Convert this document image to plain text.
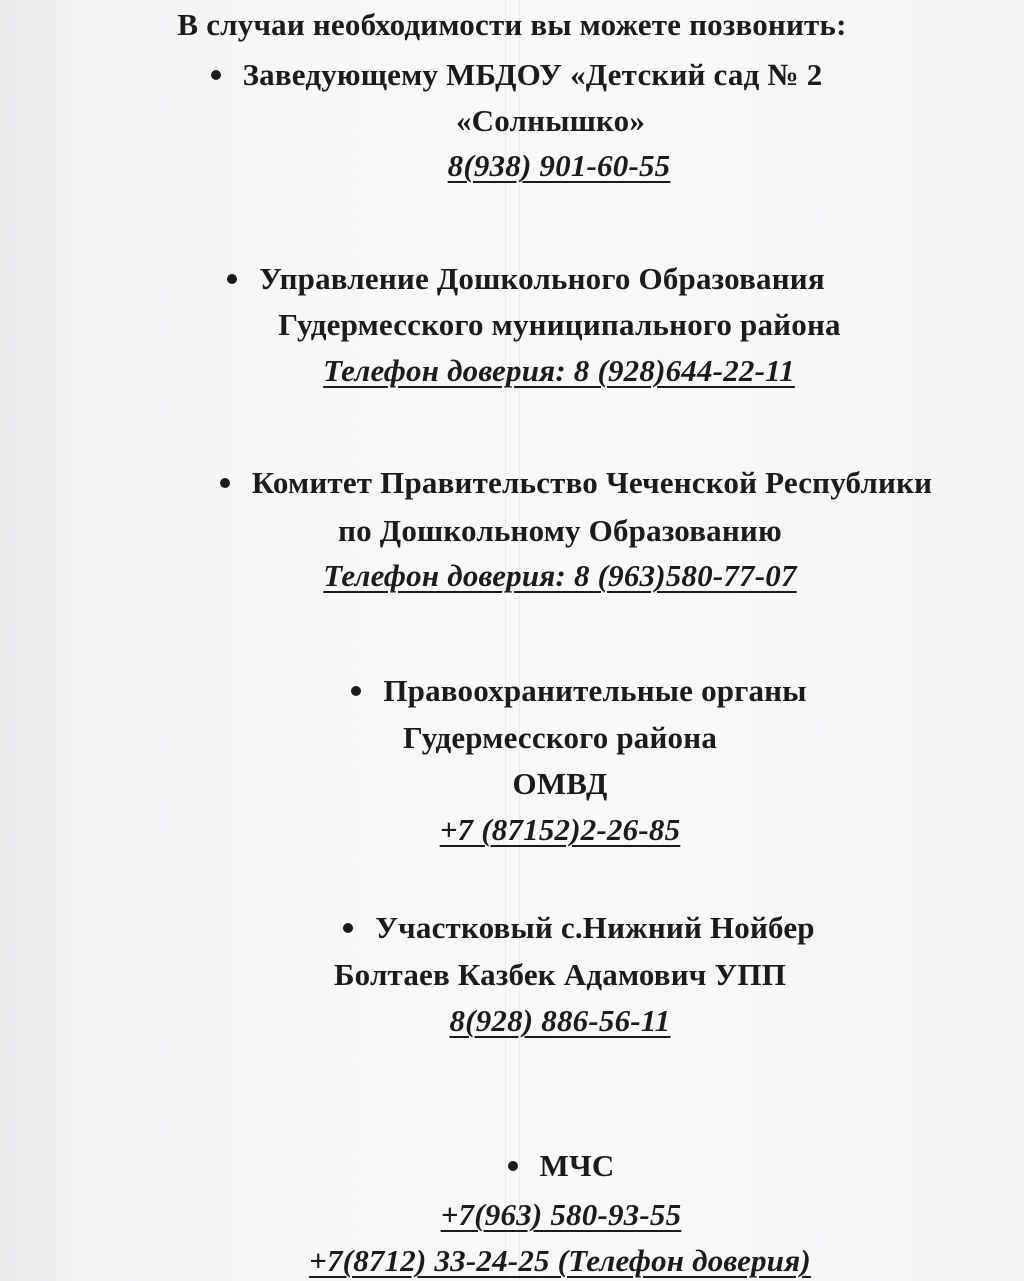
В случаи необходимости вы можете позвонить:
Заведующему МБДОУ «Детский сад № 2
«Солнышко»
8(938) 901-60-55
Управление Дошкольного Образования
Гудермесского муниципального района
Телефон доверия: 8 (928)644-22-11
Комитет Правительство Чеченской Республики
по Дошкольному Образованию
Телефон доверия: 8 (963)580-77-07
Правоохранительные органы
Гудермесского района
ОМВД
+7 (87152)2-26-85
Участковый с.Нижний Нойбер
Болтаев Казбек Адамович УПП
8(928) 886-56-11
МЧС
+7(963) 580-93-55
+7(8712) 33-24-25 (Телефон доверия)
